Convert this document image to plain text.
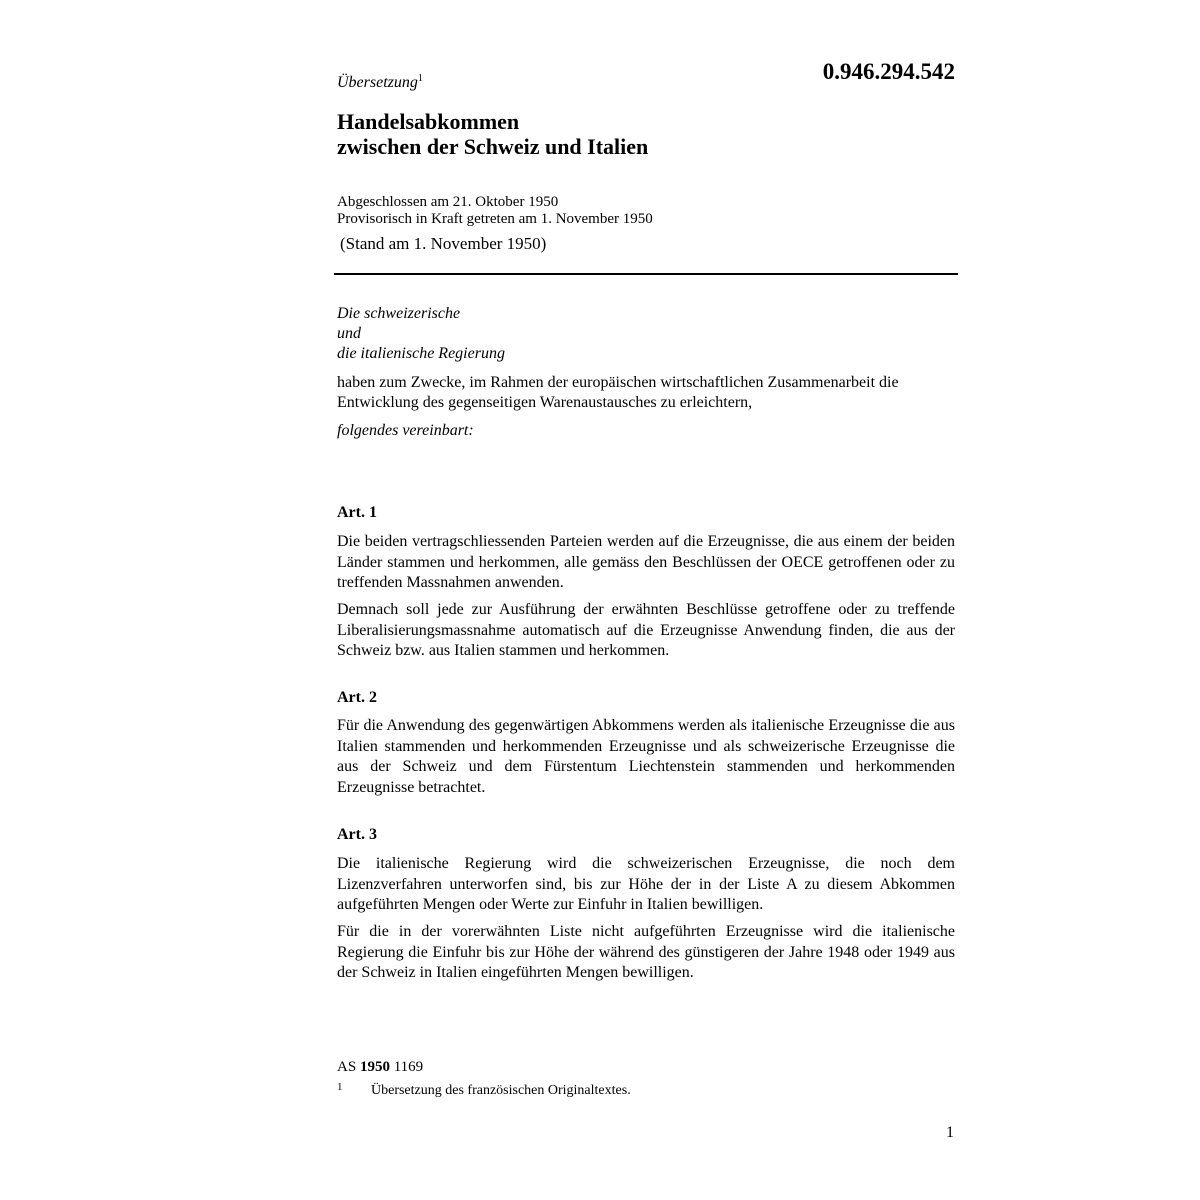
Übersetzung$^1$	0.946.294.542
Handelsabkommen
zwischen der Schweiz und Italien
Abgeschlossen am 21. Oktober 1950
Provisorisch in Kraft getreten am 1. November 1950
(Stand am 1. November 1950)
Die schweizerische
und
die italienische Regierung
haben zum Zwecke, im Rahmen der europäischen wirtschaftlichen Zusammenarbeit die Entwicklung des gegenseitigen Warenaustausches zu erleichtern,
folgendes vereinbart:
Art. 1
Die beiden vertragschliessenden Parteien werden auf die Erzeugnisse, die aus einem der beiden Länder stammen und herkommen, alle gemäss den Beschlüssen der OECE getroffenen oder zu treffenden Massnahmen anwenden.
Demnach soll jede zur Ausführung der erwähnten Beschlüsse getroffene oder zu treffende Liberalisierungsmassnahme automatisch auf die Erzeugnisse Anwendung finden, die aus der Schweiz bzw. aus Italien stammen und herkommen.
Art. 2
Für die Anwendung des gegenwärtigen Abkommens werden als italienische Erzeugnisse die aus Italien stammenden und herkommenden Erzeugnisse und als schweizerische Erzeugnisse die aus der Schweiz und dem Fürstentum Liechtenstein stammenden und herkommenden Erzeugnisse betrachtet.
Art. 3
Die italienische Regierung wird die schweizerischen Erzeugnisse, die noch dem Lizenzverfahren unterworfen sind, bis zur Höhe der in der Liste A zu diesem Abkommen aufgeführten Mengen oder Werte zur Einfuhr in Italien bewilligen.
Für die in der vorerwähnten Liste nicht aufgeführten Erzeugnisse wird die italienische Regierung die Einfuhr bis zur Höhe der während des günstigeren der Jahre 1948 oder 1949 aus der Schweiz in Italien eingeführten Mengen bewilligen.
AS 1950 1169
1 Übersetzung des französischen Originaltextes.
1
